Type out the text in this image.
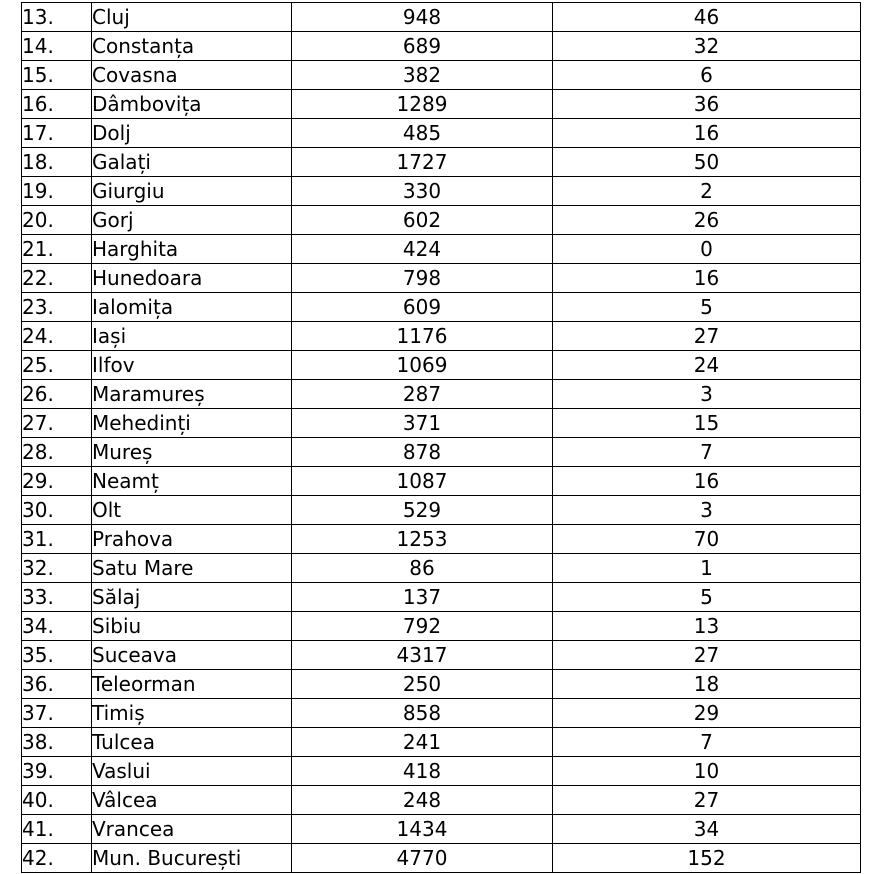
13.	Cluj	948	46
14.	Constanța	689	32
15.	Covasna	382	6
16.	Dâmbovița	1289	36
17.	Dolj	485	16
18.	Galați	1727	50
19.	Giurgiu	330	2
20.	Gorj	602	26
21.	Harghita	424	0
22.	Hunedoara	798	16
23.	Ialomița	609	5
24.	Iași	1176	27
25.	Ilfov	1069	24
26.	Maramureș	287	3
27.	Mehedinți	371	15
28.	Mureș	878	7
29.	Neamț	1087	16
30.	Olt	529	3
31.	Prahova	1253	70
32.	Satu Mare	86	1
33.	Sălaj	137	5
34.	Sibiu	792	13
35.	Suceava	4317	27
36.	Teleorman	250	18
37.	Timiș	858	29
38.	Tulcea	241	7
39.	Vaslui	418	10
40.	Vâlcea	248	27
41.	Vrancea	1434	34
42.	Mun. București	4770	152
